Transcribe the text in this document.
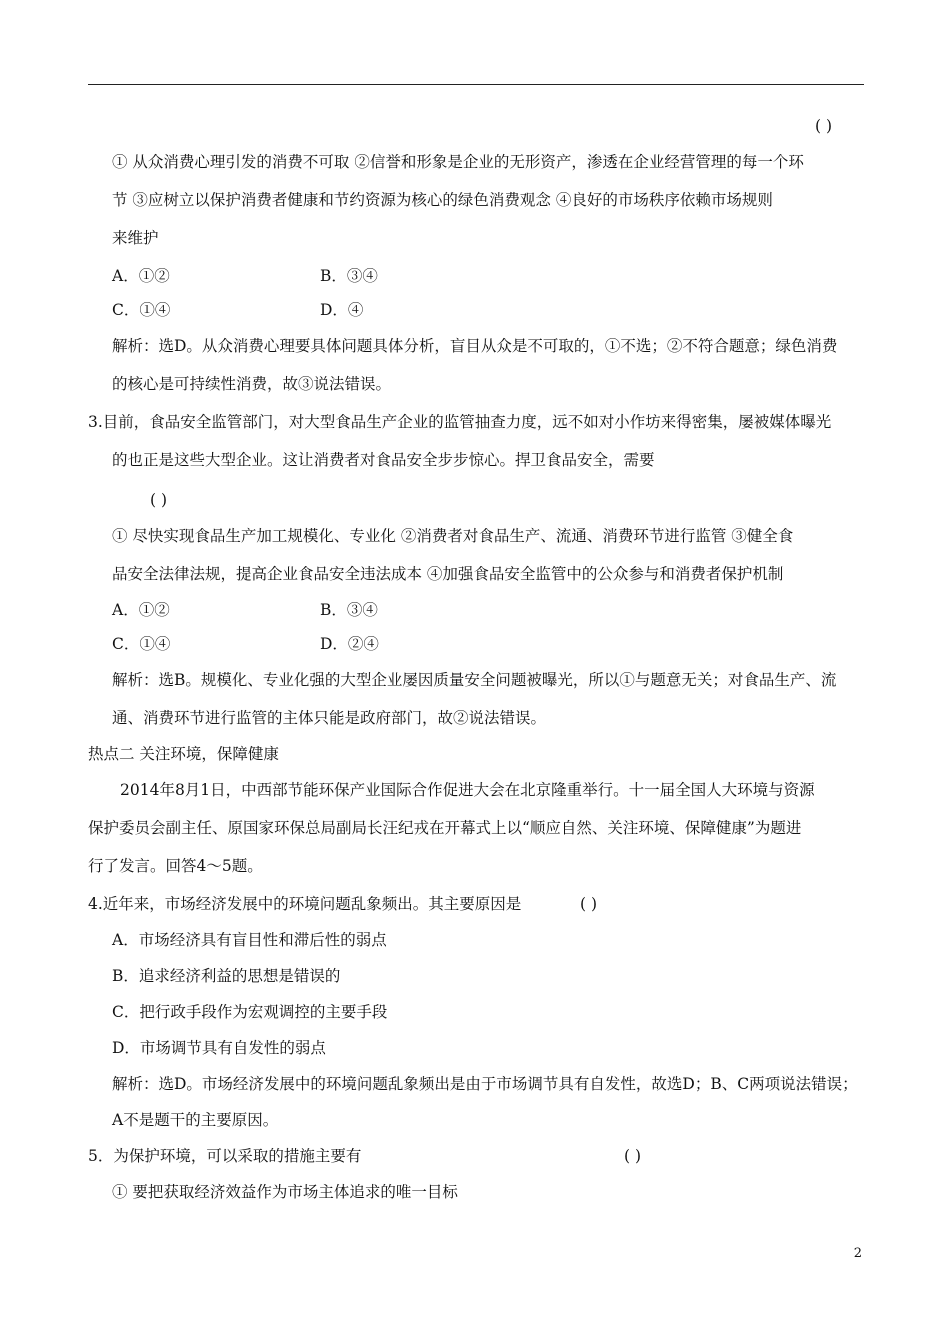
( )
① 从众消费心理引发的消费不可取 ②信誉和形象是企业的无形资产，渗透在企业经营管理的每一个环
节 ③应树立以保护消费者健康和节约资源为核心的绿色消费观念 ④良好的市场秩序依赖市场规则
来维护
A．①②	B．③④
C．①④	D．④
解析：选D。从众消费心理要具体问题具体分析，盲目从众是不可取的，①不选；②不符合题意；绿色消费
的核心是可持续性消费，故③说法错误。
3.目前，食品安全监管部门，对大型食品生产企业的监管抽查力度，远不如对小作坊来得密集，屡被媒体曝光
的也正是这些大型企业。这让消费者对食品安全步步惊心。捍卫食品安全，需要
( )
① 尽快实现食品生产加工规模化、专业化 ②消费者对食品生产、流通、消费环节进行监管 ③健全食
品安全法律法规，提高企业食品安全违法成本 ④加强食品安全监管中的公众参与和消费者保护机制
A．①②	B．③④
C．①④	D．②④
解析：选B。规模化、专业化强的大型企业屡因质量安全问题被曝光，所以①与题意无关；对食品生产、流
通、消费环节进行监管的主体只能是政府部门，故②说法错误。
热点二 关注环境，保障健康
2014年8月1日，中西部节能环保产业国际合作促进大会在北京隆重举行。十一届全国人大环境与资源
保护委员会副主任、原国家环保总局副局长汪纪戎在开幕式上以“顺应自然、关注环境、保障健康”为题进
行了发言。回答4～5题。
4.近年来，市场经济发展中的环境问题乱象频出。其主要原因是	( )
A．市场经济具有盲目性和滞后性的弱点
B．追求经济利益的思想是错误的
C．把行政手段作为宏观调控的主要手段
D．市场调节具有自发性的弱点
解析：选D。市场经济发展中的环境问题乱象频出是由于市场调节具有自发性，故选D；B、C两项说法错误；
A不是题干的主要原因。
5．为保护环境，可以采取的措施主要有	( )
① 要把获取经济效益作为市场主体追求的唯一目标
2
